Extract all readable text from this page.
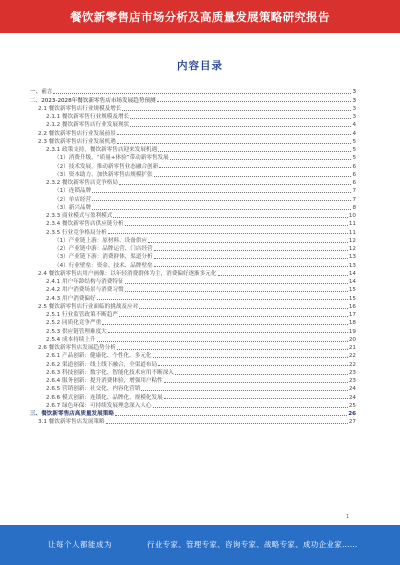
餐饮新零售店市场分析及高质量发展策略研究报告
内容目录
一、前言	3
二、2023-2028年餐饮新零售店市场发展趋势预测	3
2.1 餐饮新零售店行业规模及增长	3
2.1.1 餐饮新零售行业规模及增长	3
2.1.2 餐饮新零售店行业发展现状	4
2.2 餐饮新零售店行业发展前景	4
2.3 餐饮新零售店行业发展机遇	5
2.3.1 政策支持，餐饮新零售店迎来发展机遇	5
（1）消费升级，“质量+体验”带动新零售发展	5
（2）技术发展，推动新零售业态融合创新	6
（3）资本助力，加快新零售店规模扩张	6
2.3.2 餐饮新零售店竞争格局	6
（1）连锁品牌	7
（2）单店经营	7
（3）新兴品牌	8
2.3.3 商业模式与盈利模式	10
2.3.4 餐饮新零售店供应链分析	11
2.3.5 行业竞争格局分析	11
（1）产业链上游：原材料、设备供应	12
（2）产业链中游：品牌运营、门店经营	12
（3）产业链下游：消费群体、渠道分析	13
（4）行业壁垒：资金、技术、品牌壁垒	13
2.4 餐饮新零售店用户画像：以年轻消费群体为主，消费偏好逐渐多元化	14
2.4.1 用户年龄结构与消费特征	14
2.4.2 用户消费场景与消费习惯	15
2.4.3 用户消费偏好	15
2.5 餐饮新零售店行业面临的挑战及应对	16
2.5.1 行业监管政策不断趋严	17
2.5.2 同质化竞争严重	18
2.5.3 供应链管理难度大	19
2.5.4 成本持续上升	20
2.6 餐饮新零售店发展趋势分析	21
2.6.1 产品创新：健康化、个性化、多元化	22
2.6.2 渠道创新：线上线下融合，全渠道布局	22
2.6.3 科技创新：数字化、智能化技术应用不断深入	23
2.6.4 服务创新：提升消费体验，增强用户粘性	23
2.6.5 营销创新：社交化、内容化营销	24
2.6.6 模式创新：连锁化、品牌化、规模化发展	24
2.6.7 绿色环保：可持续发展理念深入人心	25
三、餐饮新零售店高质量发展策略	26
3.1 餐饮新零售店发展策略	27
1
让每个人都能成为	行业专家、管理专家、咨询专家、战略专家、成功企业家……
